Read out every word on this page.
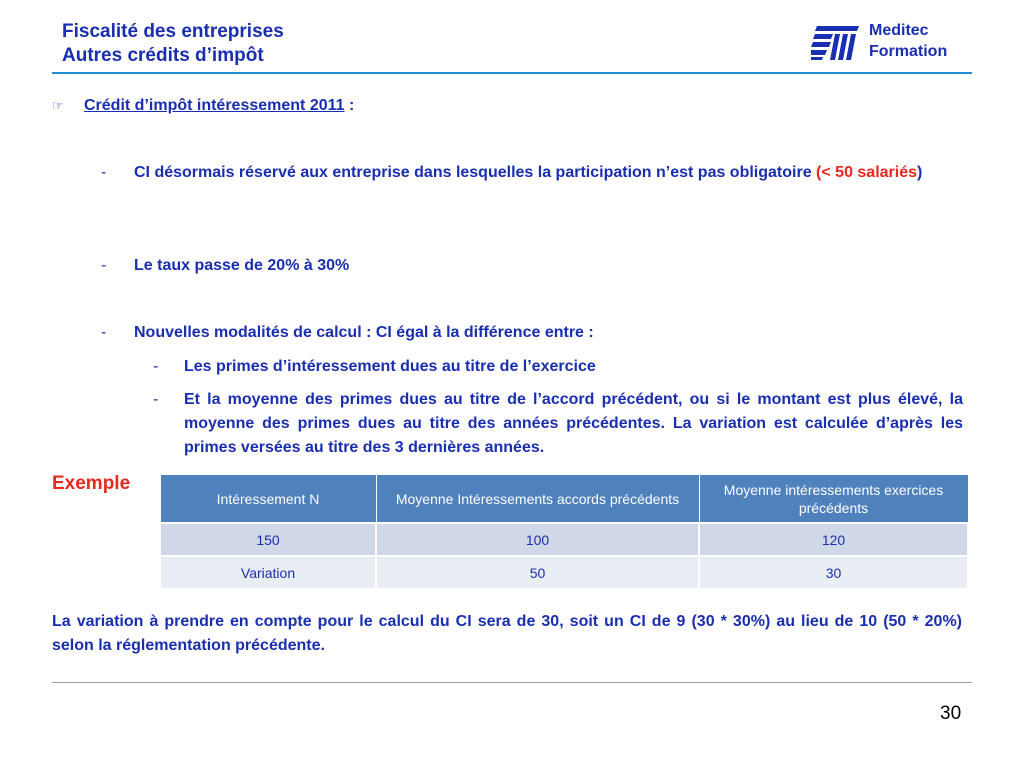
Fiscalité des entreprises
Autres crédits d’impôt
Meditec
Formation
☞ Crédit d’impôt intéressement 2011 :
- CI désormais réservé aux entreprise dans lesquelles la participation n’est pas obligatoire (< 50 salariés)
- Le taux passe de 20% à 30%
- Nouvelles modalités de calcul : CI égal à la différence entre :
- Les primes d’intéressement dues au titre de l’exercice
- Et la moyenne des primes dues au titre de l’accord précédent, ou si le montant est plus élevé, la moyenne des primes dues au titre des années précédentes. La variation est calculée d’après les primes versées au titre des 3 dernières années.
Exemple
Intéressement N	Moyenne Intéressements accords précédents	Moyenne intéressements exercices précédents
150	100	120
Variation	50	30
La variation à prendre en compte pour le calcul du CI sera de 30, soit un CI de 9 (30 * 30%) au lieu de 10 (50 * 20%) selon la réglementation précédente.
30
